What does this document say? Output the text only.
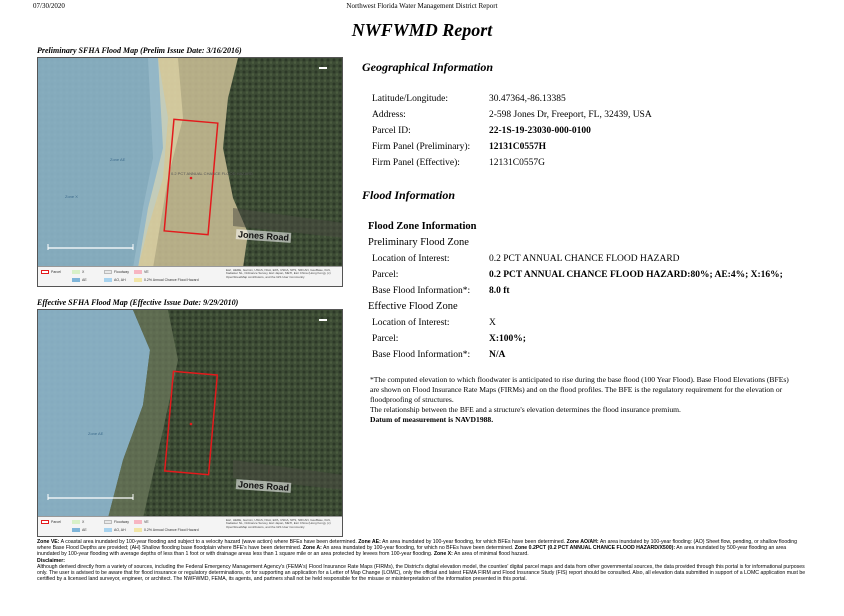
07/30/2020	Northwest Florida Water Management District Report
NWFWMD Report
Preliminary SFHA Flood Map (Prelim Issue Date: 3/16/2016)
0.2 PCT ANNUAL CHANCE FLOOD HAZARD
Zone AE
Zone X
Jones Road
Parcel	X
AE
Floodway	VE
AO, AH	0.2% Annual Chance Flood Hazard
Esri, HERE, Garmin, USGS, NGA, EPA, USDA, NPS, NRCAN, GeoBase, IGN, Kadaster NL, Ordnance Survey, Esri Japan, METI, Esri China (Hong Kong), (c) OpenStreetMap contributors, and the GIS User Community
Effective SFHA Flood Map (Effective Issue Date: 9/29/2010)
Zone AE
Jones Road
Parcel	X
AE
Floodway	VE
AO, AH	0.2% Annual Chance Flood Hazard
Esri, HERE, Garmin, USGS, NGA, EPA, USDA, NPS, NRCAN, GeoBase, IGN, Kadaster NL, Ordnance Survey, Esri Japan, METI, Esri China (Hong Kong), (c) OpenStreetMap contributors, and the GIS User Community
Geographical Information
Latitude/Longitude:	30.47364,-86.13385
Address:	2-598 Jones Dr, Freeport, FL, 32439, USA
Parcel ID:	22-1S-19-23030-000-0100
Firm Panel (Preliminary): 12131C0557H
Firm Panel (Effective):	12131C0557G
Flood Information
Flood Zone Information
Preliminary Flood Zone
Location of Interest:	0.2 PCT ANNUAL CHANCE FLOOD HAZARD
Parcel:	0.2 PCT ANNUAL CHANCE FLOOD HAZARD:80%; AE:4%; X:16%;
Base Flood Information*: 8.0 ft
Effective Flood Zone
Location of Interest:	X
Parcel:	X:100%;
Base Flood Information*: N/A
*The computed elevation to which floodwater is anticipated to rise during the base flood (100 Year Flood). Base Flood Elevations (BFEs) are shown on Flood Insurance Rate Maps (FIRMs) and on the flood profiles. The BFE is the regulatory requirement for the elevation or floodproofing of structures.
The relationship between the BFE and a structure's elevation determines the flood insurance premium.
Datum of measurement is NAVD1988.
Zone VE: A coastal area inundated by 100-year flooding and subject to a velocity hazard (wave action) where BFEs have been determined. Zone AE: An area inundated by 100-year flooding, for which BFEs have been determined. Zone AO/AH: An area inundated by 100-year flooding: (AO) Sheet flow, pending, or shallow flooding where Base Flood Depths are provided; (AH) Shallow flooding base floodplain where BFE's have been determined. Zone A: An area inundated by 100-year flooding, for which no BFEs have been determined. Zone 0.2PCT (0.2 PCT ANNUAL CHANCE FLOOD HAZARD/X500): An area inundated by 500-year flooding an area inundated by 100-year flooding with average depths of less than 1 foot or with drainage areas less than 1 square mile or an area protected by levees from 100-year flooding. Zone X: An area of minimal flood hazard.
Disclaimer:
Although derived directly from a variety of sources, including the Federal Emergency Management Agency's (FEMA's) Flood Insurance Rate Maps (FIRMs), the District's digital elevation model, the counties' digital parcel maps and data from other governmental sources, the data provided through this portal is for informational purposes only. The user is advised to be aware that for flood insurance or regulatory determinations, or for supporting an application for a Letter of Map Change (LOMC), only the official and latest FEMA FIRM and Flood Insurance Study (FIS) report should be consulted. Also, all elevation data submitted in support of a LOMC application must be certified by a licensed land surveyor, engineer, or architect. The NWFWMD, FEMA, its agents, and partners shall not be held responsible for the misuse or misinterpretation of the information presented in this portal.
